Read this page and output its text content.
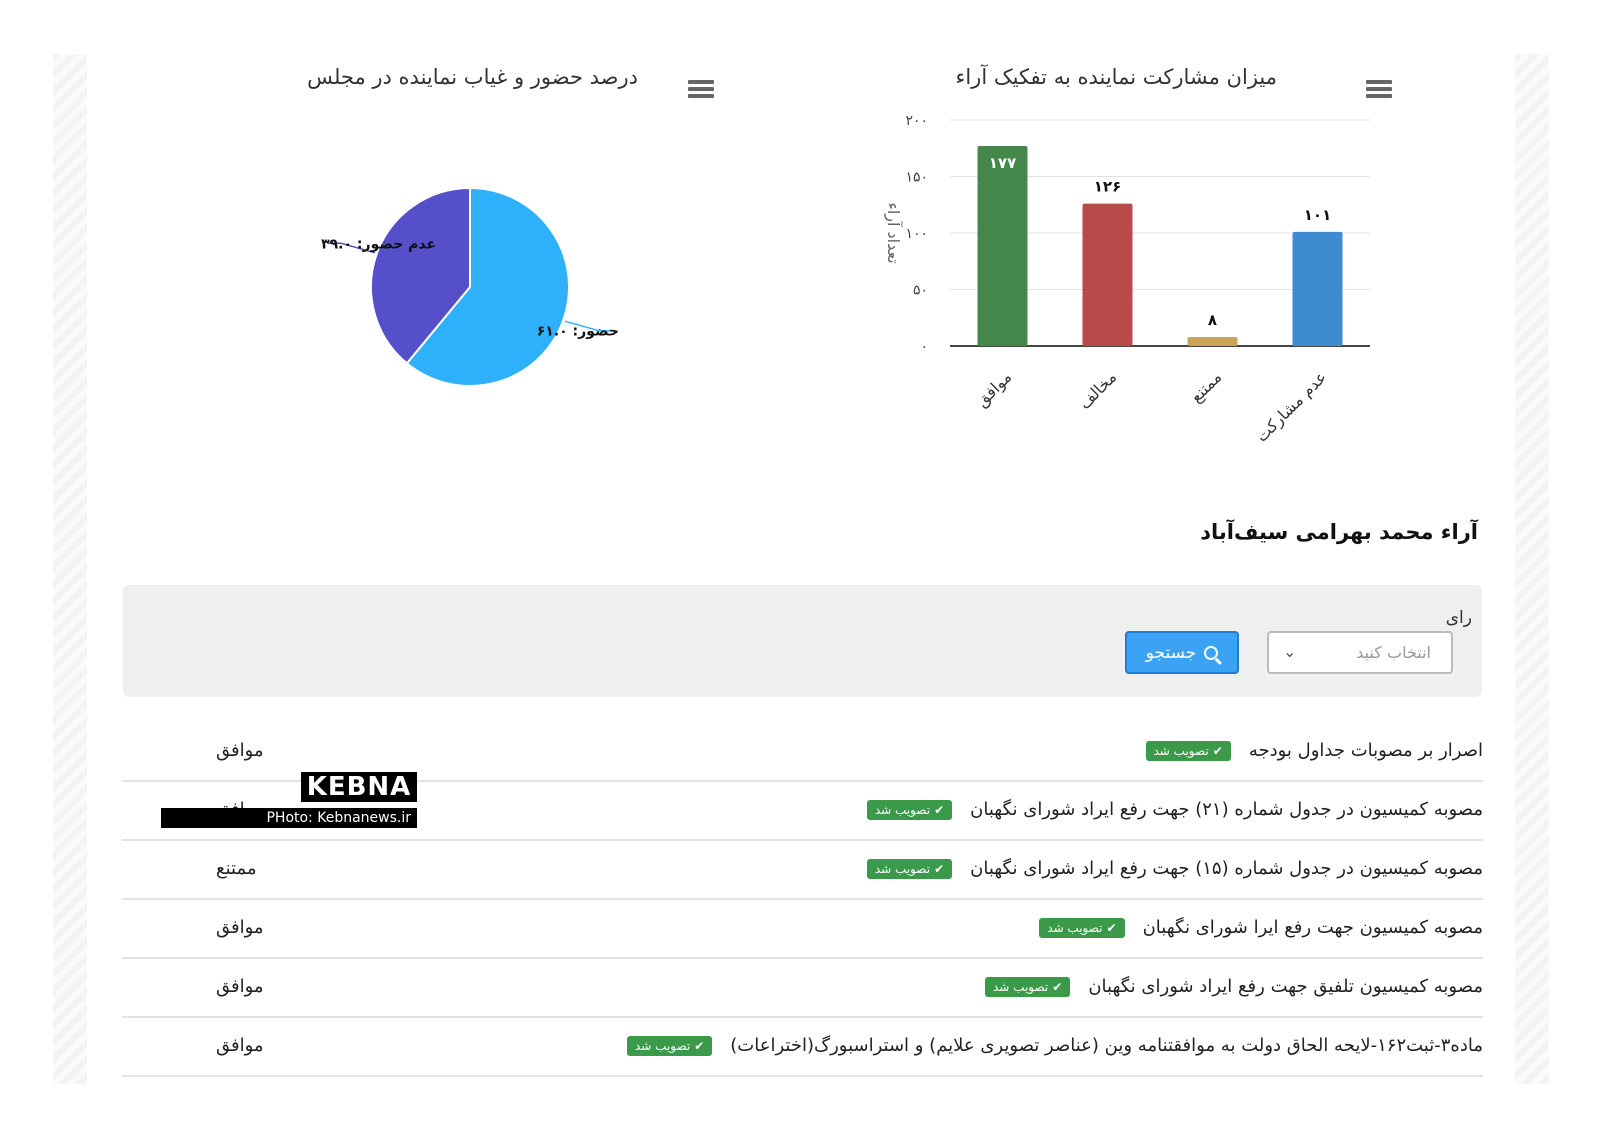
میزان مشارکت نماینده به تفکیک آراء
۰
۵۰
۱۰۰
۱۵۰
۲۰۰
تعداد آراء
۱۷۷
موافق
۱۲۶
مخالف
۸
ممتنع
۱۰۱
عدم مشارکت
درصد حضور و غیاب نماینده در مجلس
حضور: ۶۱.۰
عدم حضور: ۳۹.۰
آراء محمد بهرامی سیف‌آباد
رای
انتخاب کنید
⌄
جستجو
✔
تصویب شد اصرار بر مصوبات جداول بودجه
موافق
✔
تصویب شد مصوبه کمیسیون در جدول شماره (۲۱) جهت رفع ایراد شورای نگهبان
✔
تصویب شد مصوبه کمیسیون در جدول شماره (۱۵) جهت رفع ایراد شورای نگهبان
ممتنع
✔
تصویب شد مصوبه کمیسیون جهت رفع ایرا شورای نگهبان
موافق
✔
تصویب شد مصوبه کمیسیون تلفیق جهت رفع ایراد شورای نگهبان
موافق
✔
تصویب شد ماده۳-ثبت۱۶۲-لایحه الحاق دولت به موافقتنامه وین (عناصر تصویری علایم) و استراسبورگ(اختراعات)
موافق
KEBNA
PHoto: Kebnanews.ir
